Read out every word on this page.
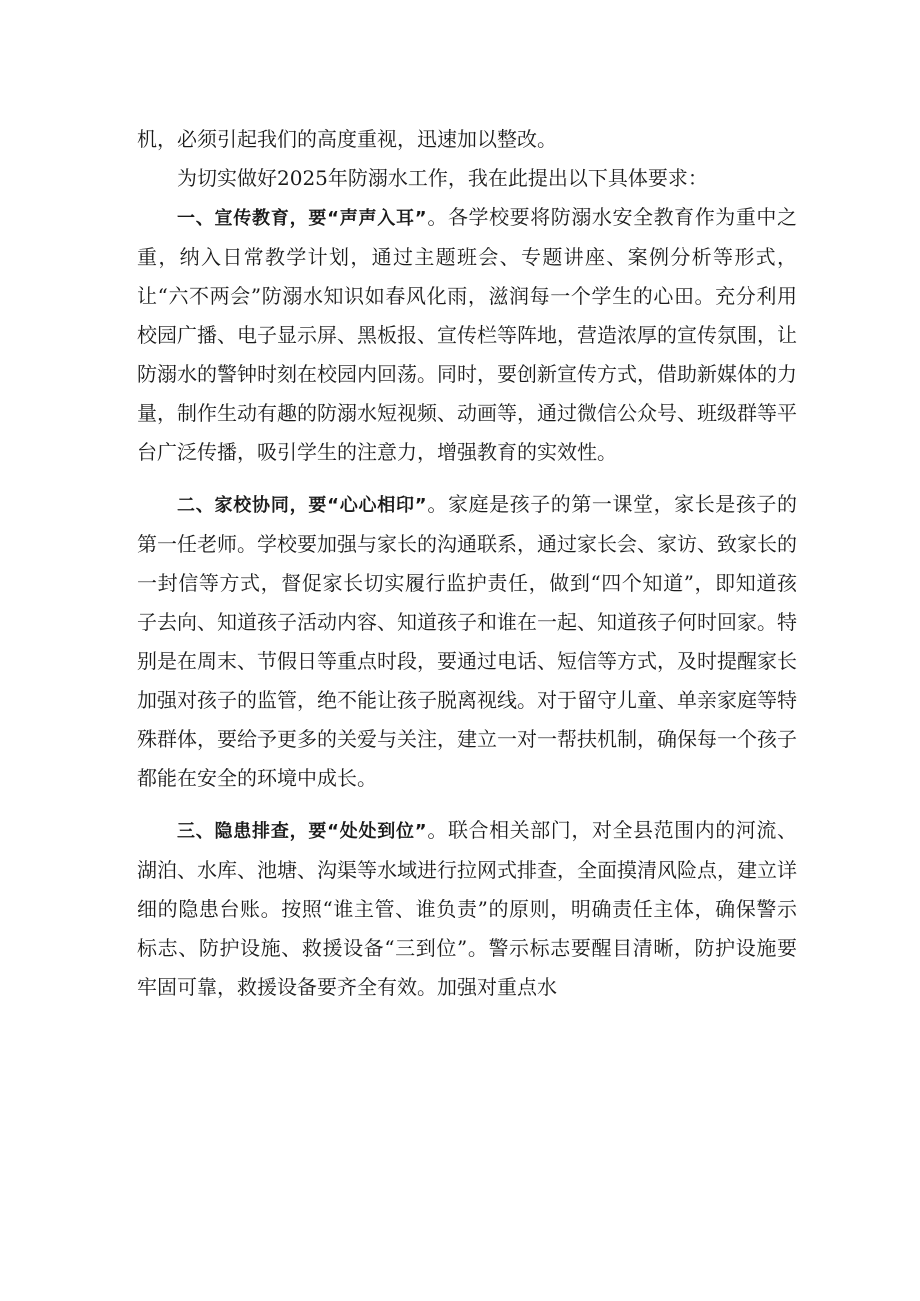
机，必须引起我们的高度重视，迅速加以整改。

为切实做好2025年防溺水工作，我在此提出以下具体要求：

一、宣传教育，要“声声入耳”。各学校要将防溺水安全教育作为重中之重，纳入日常教学计划，通过主题班会、专题讲座、案例分析等形式，让“六不两会”防溺水知识如春风化雨，滋润每一个学生的心田。充分利用校园广播、电子显示屏、黑板报、宣传栏等阵地，营造浓厚的宣传氛围，让防溺水的警钟时刻在校园内回荡。同时，要创新宣传方式，借助新媒体的力量，制作生动有趣的防溺水短视频、动画等，通过微信公众号、班级群等平台广泛传播，吸引学生的注意力，增强教育的实效性。

二、家校协同，要“心心相印”。家庭是孩子的第一课堂，家长是孩子的第一任老师。学校要加强与家长的沟通联系，通过家长会、家访、致家长的一封信等方式，督促家长切实履行监护责任，做到“四个知道”，即知道孩子去向、知道孩子活动内容、知道孩子和谁在一起、知道孩子何时回家。特别是在周末、节假日等重点时段，要通过电话、短信等方式，及时提醒家长加强对孩子的监管，绝不能让孩子脱离视线。对于留守儿童、单亲家庭等特殊群体，要给予更多的关爱与关注，建立一对一帮扶机制，确保每一个孩子都能在安全的环境中成长。

三、隐患排查，要“处处到位”。联合相关部门，对全县范围内的河流、湖泊、水库、池塘、沟渠等水域进行拉网式排查，全面摸清风险点，建立详细的隐患台账。按照“谁主管、谁负责”的原则，明确责任主体，确保警示标志、防护设施、救援设备“三到位”。警示标志要醒目清晰，防护设施要牢固可靠，救援设备要齐全有效。加强对重点水
